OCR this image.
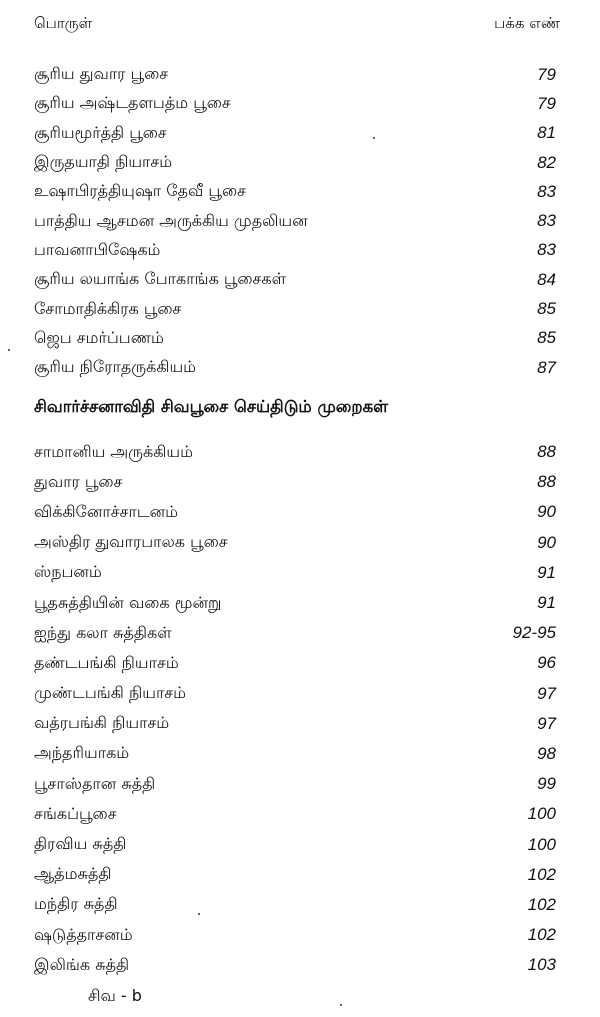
பொருள்	பக்க எண்
சூரிய துவார பூசை	79
சூரிய அஷ்டதளபத்ம பூசை	79
சூரியமூர்த்தி பூசை	81
இருதயாதி நியாசம்	82
உஷாபிரத்தியுஷா தேவீ பூசை	83
பாத்திய ஆசமன அருக்கிய முதலியன	83
பாவனாபிஷேகம்	83
சூரிய லயாங்க போகாங்க பூசைகள்	84
சோமாதிக்கிரக பூசை	85
ஜெப சமர்ப்பணம்	85
சூரிய நிரோதருக்கியம்	87
சிவார்ச்சனாவிதி சிவபூசை செய்திடும் முறைகள்
சாமானிய அருக்கியம்	88
துவார பூசை	88
விக்கினோச்சாடனம்	90
அஸ்திர துவாரபாலக பூசை	90
ஸ்நபனம்	91
பூதசுத்தியின் வகை மூன்று	91
ஐந்து கலா சுத்திகள்	92-95
தண்டபங்கி நியாசம்	96
முண்டபங்கி நியாசம்	97
வத்ரபங்கி நியாசம்	97
அந்தரியாகம்	98
பூசாஸ்தான சுத்தி	99
சங்கப்பூசை	100
திரவிய சுத்தி	100
ஆத்மசுத்தி	102
மந்திர சுத்தி	102
ஷடுத்தாசனம்	102
இலிங்க சுத்தி	103
சிவ - b
